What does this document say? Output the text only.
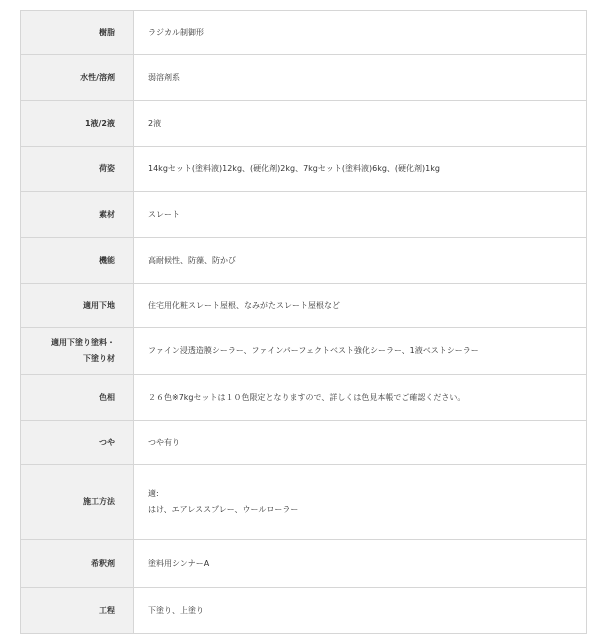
樹脂	ラジカル制御形
水性/溶剤	弱溶剤系
1液/2液	2液
荷姿	14kgセット(塗料液)12kg、(硬化剤)2kg、7kgセット(塗料液)6kg、(硬化剤)1kg
素材	スレート
機能	高耐候性、防藻、防かび
適用下地	住宅用化粧スレート屋根、なみがたスレート屋根など

適用下塗り塗料・
下塗り材	ファイン浸透造膜シーラー、ファインパーフェクトベスト強化シーラー、1液ベストシーラー
色相	２６色※7kgセットは１０色限定となりますので、詳しくは色見本帳でご確認ください。
つや	つや有り
施工方法	適:
はけ、エアレススプレー、ウールローラー

希釈剤	塗料用シンナーA
工程	下塗り、上塗り
